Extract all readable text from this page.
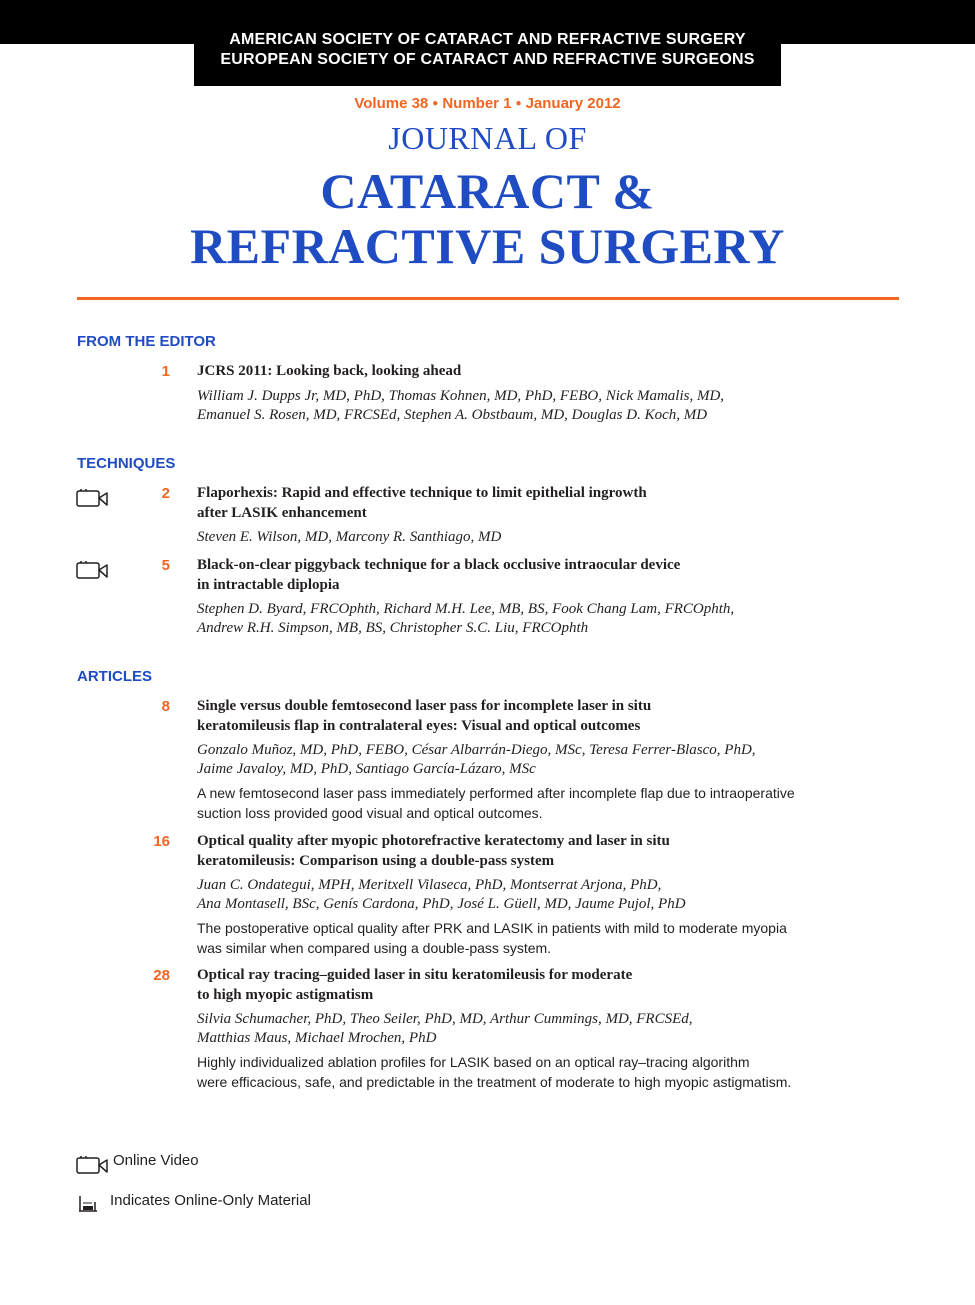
AMERICAN SOCIETY OF CATARACT AND REFRACTIVE SURGERY
EUROPEAN SOCIETY OF CATARACT AND REFRACTIVE SURGEONS
Volume 38 ● Number 1 ● January 2012
JOURNAL OF
CATARACT &
REFRACTIVE SURGERY
FROM THE EDITOR
1 JCRS 2011: Looking back, looking ahead
William J. Dupps Jr, MD, PhD, Thomas Kohnen, MD, PhD, FEBO, Nick Mamalis, MD,
Emanuel S. Rosen, MD, FRCSEd, Stephen A. Obstbaum, MD, Douglas D. Koch, MD
TECHNIQUES
2 Flaporhexis: Rapid and effective technique to limit epithelial ingrowth
after LASIK enhancement
Steven E. Wilson, MD, Marcony R. Santhiago, MD
5 Black-on-clear piggyback technique for a black occlusive intraocular device
in intractable diplopia
Stephen D. Byard, FRCOphth, Richard M.H. Lee, MB, BS, Fook Chang Lam, FRCOphth,
Andrew R.H. Simpson, MB, BS, Christopher S.C. Liu, FRCOphth
ARTICLES
8 Single versus double femtosecond laser pass for incomplete laser in situ
keratomileusis flap in contralateral eyes: Visual and optical outcomes
Gonzalo Muñoz, MD, PhD, FEBO, César Albarrán-Diego, MSc, Teresa Ferrer-Blasco, PhD,
Jaime Javaloy, MD, PhD, Santiago García-Lázaro, MSc
A new femtosecond laser pass immediately performed after incomplete flap due to intraoperative
suction loss provided good visual and optical outcomes.
16 Optical quality after myopic photorefractive keratectomy and laser in situ
keratomileusis: Comparison using a double-pass system
Juan C. Ondategui, MPH, Meritxell Vilaseca, PhD, Montserrat Arjona, PhD,
Ana Montasell, BSc, Genís Cardona, PhD, José L. Güell, MD, Jaume Pujol, PhD
The postoperative optical quality after PRK and LASIK in patients with mild to moderate myopia
was similar when compared using a double-pass system.
28 Optical ray tracing–guided laser in situ keratomileusis for moderate
to high myopic astigmatism
Silvia Schumacher, PhD, Theo Seiler, PhD, MD, Arthur Cummings, MD, FRCSEd,
Matthias Maus, Michael Mrochen, PhD
Highly individualized ablation profiles for LASIK based on an optical ray–tracing algorithm
were efficacious, safe, and predictable in the treatment of moderate to high myopic astigmatism.
Online Video
Indicates Online-Only Material
